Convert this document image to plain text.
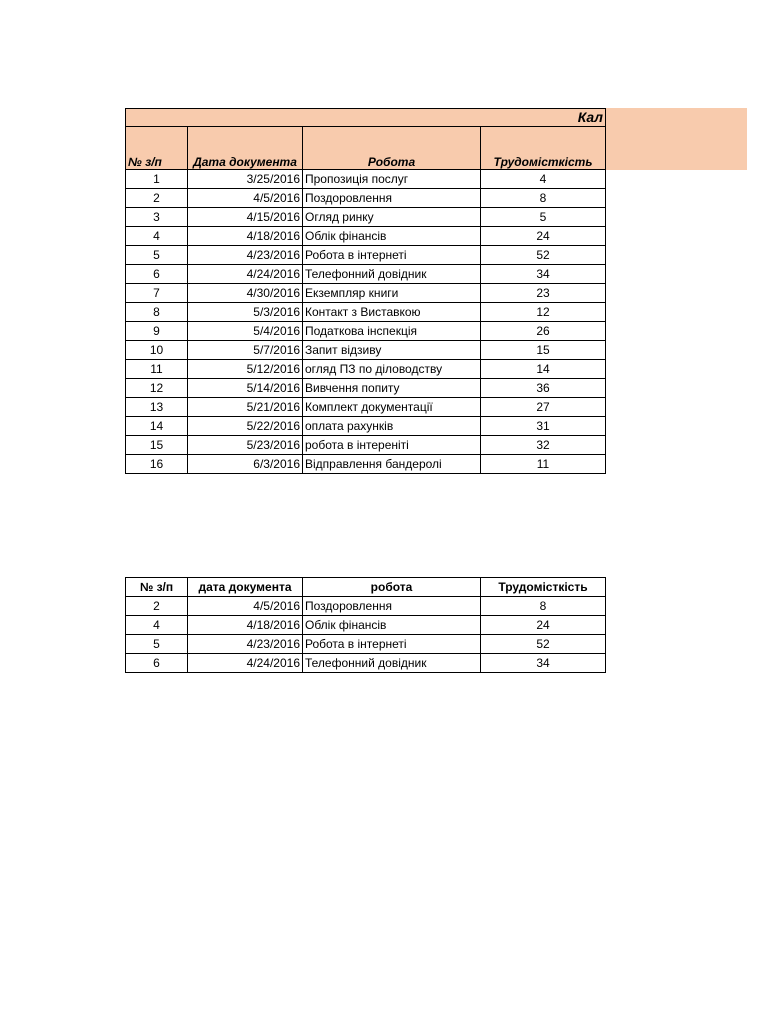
Кал

№ з/п	Дата документа	Робота	Трудомісткість
1	3/25/2016	Пропозиція послуг	4
2	4/5/2016	Поздоровлення	8
3	4/15/2016	Огляд ринку	5
4	4/18/2016	Облік фінансів	24
5	4/23/2016	Робота в інтернеті	52
6	4/24/2016	Телефонний довідник	34
7	4/30/2016	Екземпляр книги	23
8	5/3/2016	Контакт з Виставкою	12
9	5/4/2016	Податкова інспекція	26
10	5/7/2016	Запит відзиву	15
11	5/12/2016	огляд ПЗ по діловодству	14
12	5/14/2016	Вивчення попиту	36
13	5/21/2016	Комплект документації	27
14	5/22/2016	оплата рахунків	31
15	5/23/2016	робота в інтереніті	32
16	6/3/2016	Відправлення бандеролі	11
№ з/п	дата документа	робота	Трудомісткість
2	4/5/2016	Поздоровлення	8
4	4/18/2016	Облік фінансів	24
5	4/23/2016	Робота в інтернеті	52
6	4/24/2016	Телефонний довідник	34
